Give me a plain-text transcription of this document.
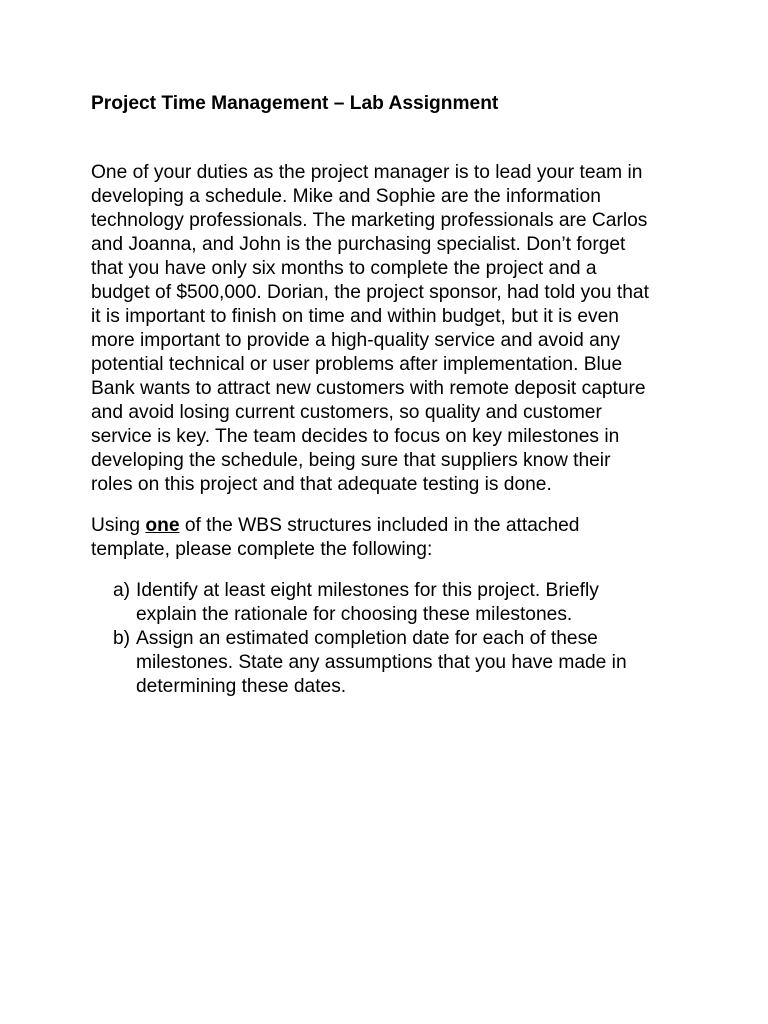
Project Time Management – Lab Assignment
One of your duties as the project manager is to lead your team in
developing a schedule. Mike and Sophie are the information
technology professionals. The marketing professionals are Carlos
and Joanna, and John is the purchasing specialist. Don’t forget
that you have only six months to complete the project and a
budget of $500,000. Dorian, the project sponsor, had told you that
it is important to finish on time and within budget, but it is even
more important to provide a high-quality service and avoid any
potential technical or user problems after implementation. Blue
Bank wants to attract new customers with remote deposit capture
and avoid losing current customers, so quality and customer
service is key. The team decides to focus on key milestones in
developing the schedule, being sure that suppliers know their
roles on this project and that adequate testing is done.
Using one of the WBS structures included in the attached
template, please complete the following:
a) Identify at least eight milestones for this project. Briefly
explain the rationale for choosing these milestones.
b) Assign an estimated completion date for each of these
milestones. State any assumptions that you have made in
determining these dates.
